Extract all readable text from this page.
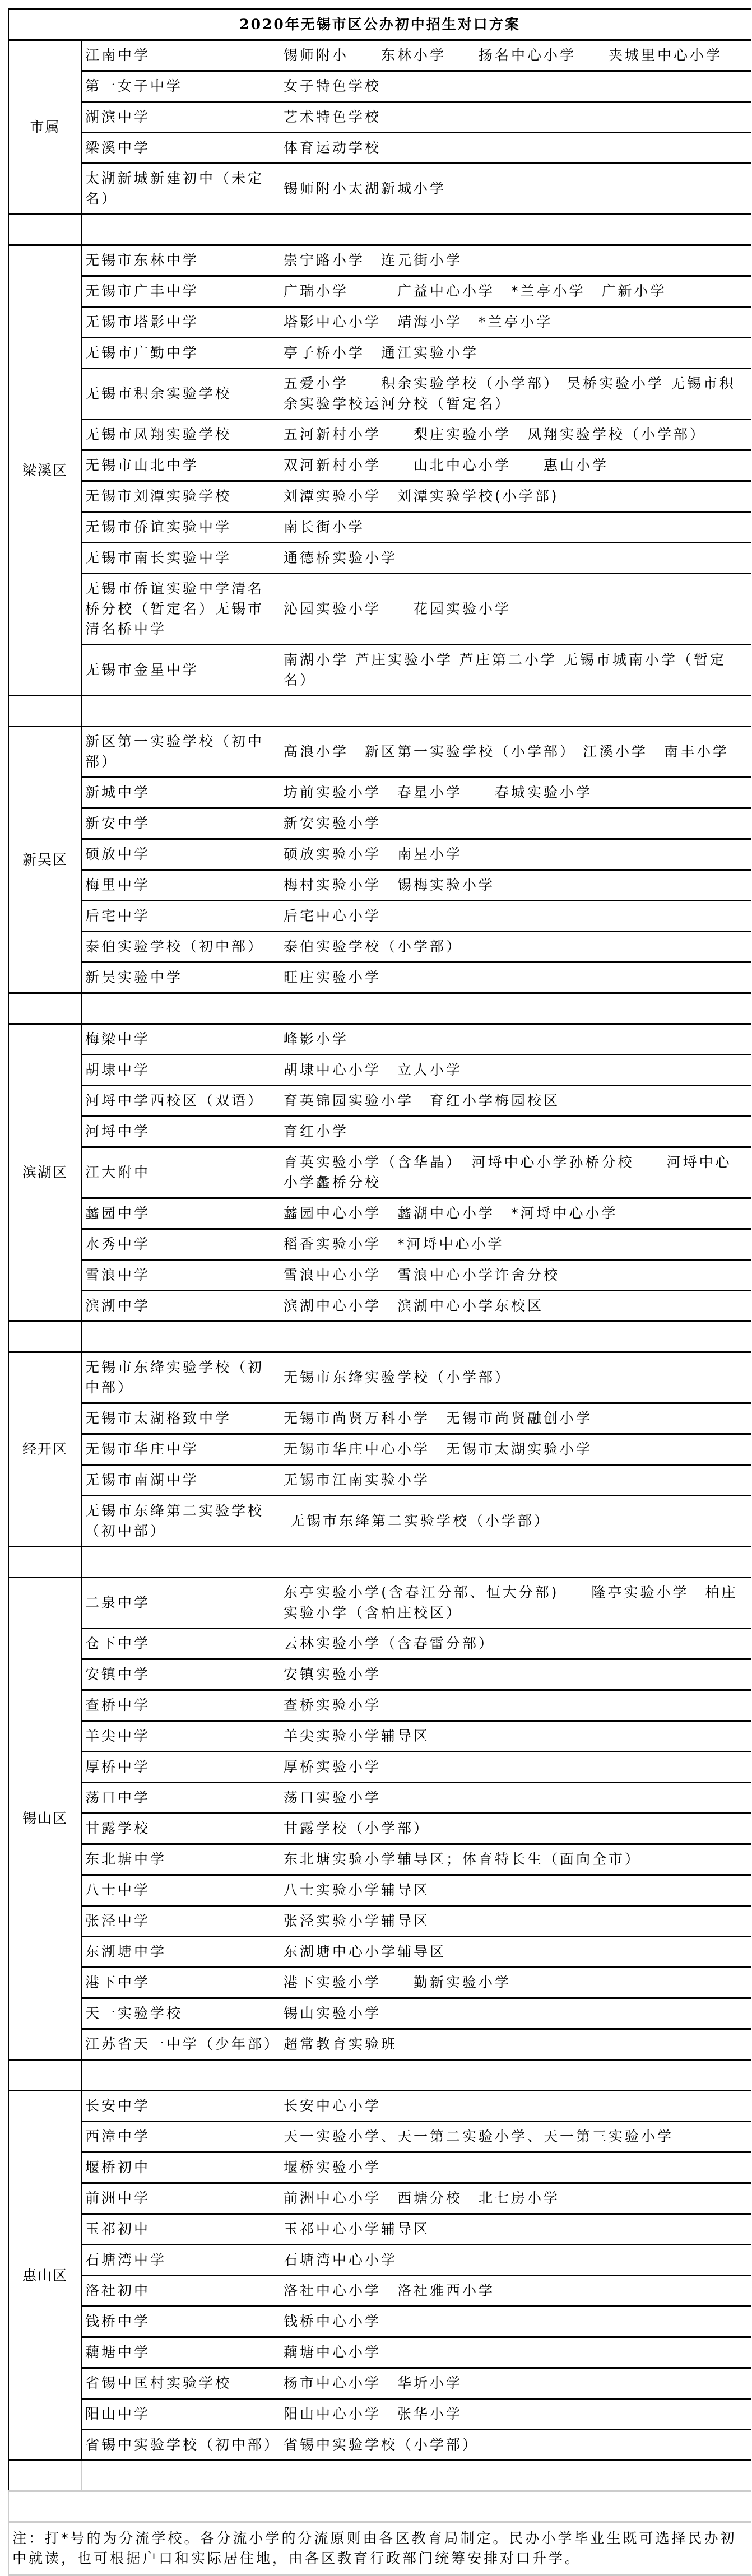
2020年无锡市区公办初中招生对口方案		
市属	江南中学	锡师附小　　东林小学　　扬名中心小学　　夹城里中心小学
	第一女子中学	女子特色学校
	湖滨中学	艺术特色学校
	梁溪中学	体育运动学校
	太湖新城新建初中（未定名）	锡师附小太湖新城小学

梁溪区	无锡市东林中学	崇宁路小学　连元街小学
	无锡市广丰中学	广瑞小学　　　广益中心小学　*兰亭小学　广新小学
	无锡市塔影中学	塔影中心小学　靖海小学　*兰亭小学
	无锡市广勤中学	亭子桥小学　通江实验小学
	无锡市积余实验学校	五爱小学　　积余实验学校（小学部） 吴桥实验小学 无锡市积余实验学校运河分校（暂定名）
	无锡市凤翔实验学校	五河新村小学　　梨庄实验小学　凤翔实验学校（小学部）
	无锡市山北中学	双河新村小学　　山北中心小学　　惠山小学
	无锡市刘潭实验学校	刘潭实验小学　刘潭实验学校(小学部)
	无锡市侨谊实验中学	南长街小学
	无锡市南长实验中学	通德桥实验小学
	无锡市侨谊实验中学清名桥分校（暂定名）无锡市清名桥中学	沁园实验小学　　花园实验小学
	无锡市金星中学	南湖小学 芦庄实验小学 芦庄第二小学 无锡市城南小学（暂定名）

新吴区	新区第一实验学校（初中部）	高浪小学　新区第一实验学校（小学部） 江溪小学　南丰小学
	新城中学	坊前实验小学　春星小学　　春城实验小学
	新安中学	新安实验小学
	硕放中学	硕放实验小学　南星小学
	梅里中学	梅村实验小学　锡梅实验小学
	后宅中学	后宅中心小学
	泰伯实验学校（初中部）	泰伯实验学校（小学部）
	新吴实验中学	旺庄实验小学

滨湖区	梅梁中学	峰影小学
	胡埭中学	胡埭中心小学　立人小学
	河埒中学西校区（双语）	育英锦园实验小学　育红小学梅园校区
	河埒中学	育红小学
	江大附中	育英实验小学（含华晶）　河埒中心小学孙桥分校　　河埒中心小学蠡桥分校
	蠡园中学	蠡园中心小学　蠡湖中心小学　*河埒中心小学
	水秀中学	稻香实验小学　*河埒中心小学
	雪浪中学	雪浪中心小学　雪浪中心小学许舍分校
	滨湖中学	滨湖中心小学　滨湖中心小学东校区

经开区	无锡市东绛实验学校（初中部）	无锡市东绛实验学校（小学部）
	无锡市太湖格致中学	无锡市尚贤万科小学　无锡市尚贤融创小学
	无锡市华庄中学	无锡市华庄中心小学　无锡市太湖实验小学
	无锡市南湖中学	无锡市江南实验小学
	无锡市东绛第二实验学校（初中部）	无锡市东绛第二实验学校（小学部）

锡山区	二泉中学	东亭实验小学(含春江分部、恒大分部)　　隆亭实验小学　柏庄实验小学（含柏庄校区）
	仓下中学	云林实验小学（含春雷分部）
	安镇中学	安镇实验小学
	查桥中学	查桥实验小学
	羊尖中学	羊尖实验小学辅导区
	厚桥中学	厚桥实验小学
	荡口中学	荡口实验小学
	甘露学校	甘露学校（小学部）
	东北塘中学	东北塘实验小学辅导区；体育特长生（面向全市）
	八士中学	八士实验小学辅导区
	张泾中学	张泾实验小学辅导区
	东湖塘中学	东湖塘中心小学辅导区
	港下中学	港下实验小学　　勤新实验小学
	天一实验学校	锡山实验小学
	江苏省天一中学（少年部）	超常教育实验班

惠山区	长安中学	长安中心小学
	西漳中学	天一实验小学、天一第二实验小学、天一第三实验小学
	堰桥初中	堰桥实验小学
	前洲中学	前洲中心小学　西塘分校　北七房小学
	玉祁初中	玉祁中心小学辅导区
	石塘湾中学	石塘湾中心小学
	洛社初中	洛社中心小学　洛社雅西小学
	钱桥中学	钱桥中心小学
	藕塘中学	藕塘中心小学
	省锡中匡村实验学校	杨市中心小学　华圻小学
	阳山中学	阳山中心小学　张华小学
	省锡中实验学校（初中部）	省锡中实验学校（小学部）

注：打*号的为分流学校。各分流小学的分流原则由各区教育局制定。民办小学毕业生既可选择民办初中就读，也可根据户口和实际居住地，由各区教育行政部门统筹安排对口升学。		
